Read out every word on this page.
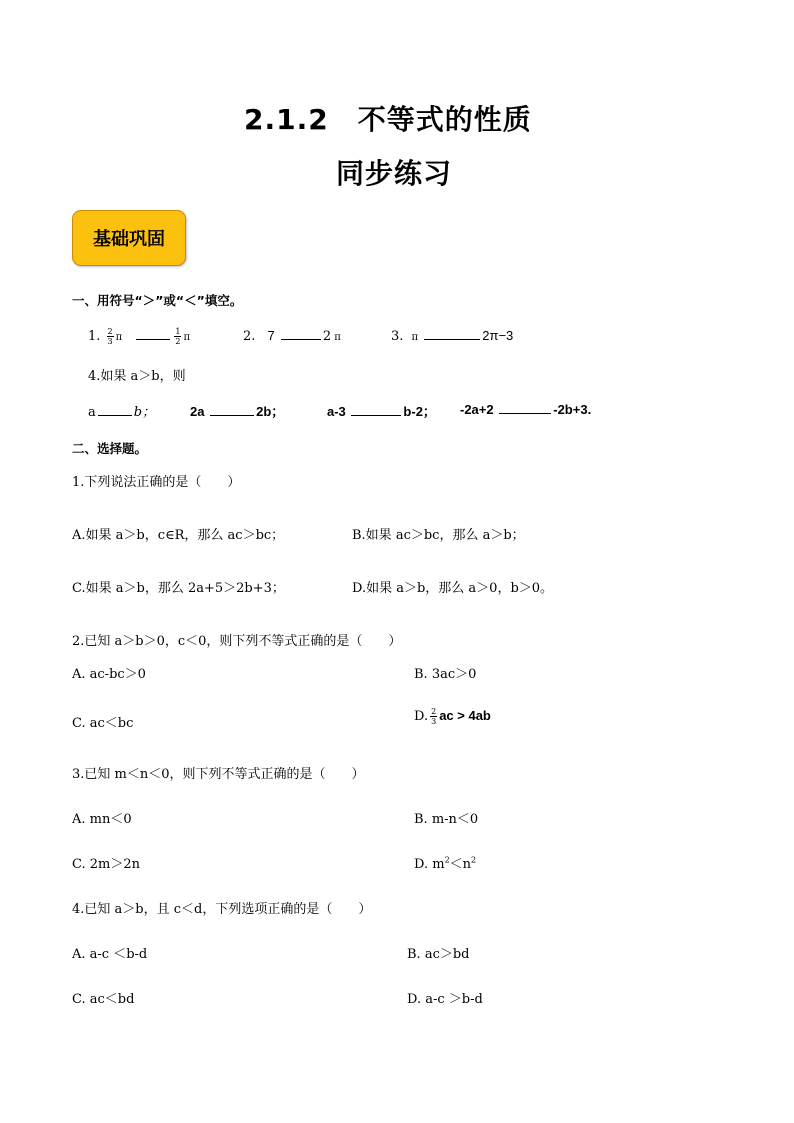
2.1.2　不等式的性质
同步练习
基础巩固
一、用符号“＞”或“＜”填空。
1. $\frac{2}{3}$ π	$\frac{1}{2}$ π	2. 7	2 π	3. π	2π−3
4.如果 a＞b，则
a	b；	2a	2b；	a-3	b-2； -2a+2	-2b+3.
二、选择题。
1.下列说法正确的是（　　）
A.如果 a＞b，c∈R，那么 ac＞bc；	B.如果 ac＞bc，那么 a＞b；
C.如果 a＞b，那么 2a+5＞2b+3；	D.如果 a＞b，那么 a＞0，b＞0。
2.已知 a＞b＞0，c＜0，则下列不等式正确的是（　　）
A. ac-bc＞0	B. 3ac＞0
C. ac＜bc	D. $\frac{2}{3}$ ac > 4ab
3.已知 m＜n＜0，则下列不等式正确的是（　　）
A. mn＜0	B. m-n＜0
C. 2m＞2n	D. $m^2<n^2$
4.已知 a＞b，且 c＜d，下列选项正确的是（　　）
A. a-c ＜b-d	B. ac＞bd
C. ac＜bd	D. a-c ＞b-d
